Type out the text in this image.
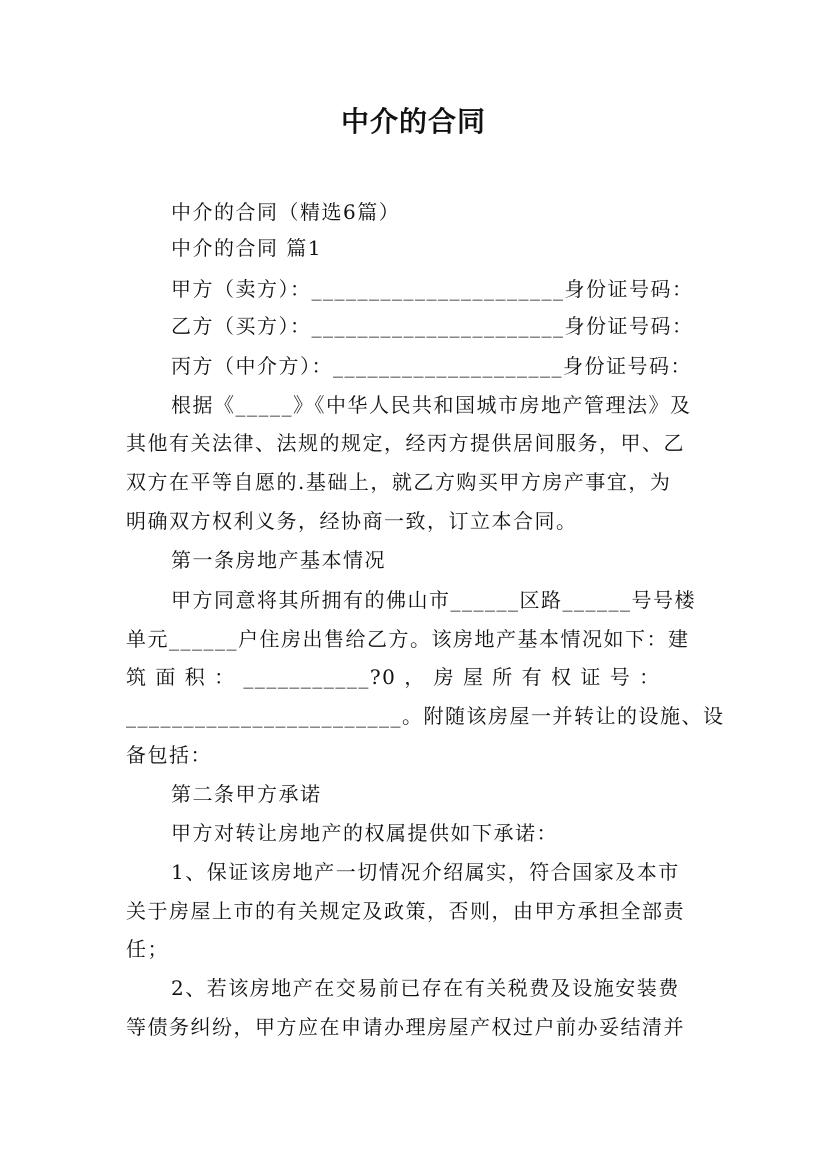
中介的合同
中介的合同（精选6篇）
中介的合同 篇1
甲方（卖方）：______________________身份证号码：
乙方（买方）：______________________身份证号码：
丙方（中介方）：____________________身份证号码：
根据《_____》《中华人民共和国城市房地产管理法》及
其他有关法律、法规的规定，经丙方提供居间服务，甲、乙
双方在平等自愿的.基础上，就乙方购买甲方房产事宜，为
明确双方权利义务，经协商一致，订立本合同。
第一条房地产基本情况
甲方同意将其所拥有的佛山市______区路______号号楼
单元______户住房出售给乙方。该房地产基本情况如下：建
筑 面 积 ： ___________?0 ， 房 屋 所 有 权 证 号 ：
________________________。附随该房屋一并转让的设施、设
备包括：
第二条甲方承诺
甲方对转让房地产的权属提供如下承诺：
1、保证该房地产一切情况介绍属实，符合国家及本市
关于房屋上市的有关规定及政策，否则，由甲方承担全部责
任；
2、若该房地产在交易前已存在有关税费及设施安装费
等债务纠纷，甲方应在申请办理房屋产权过户前办妥结清并
